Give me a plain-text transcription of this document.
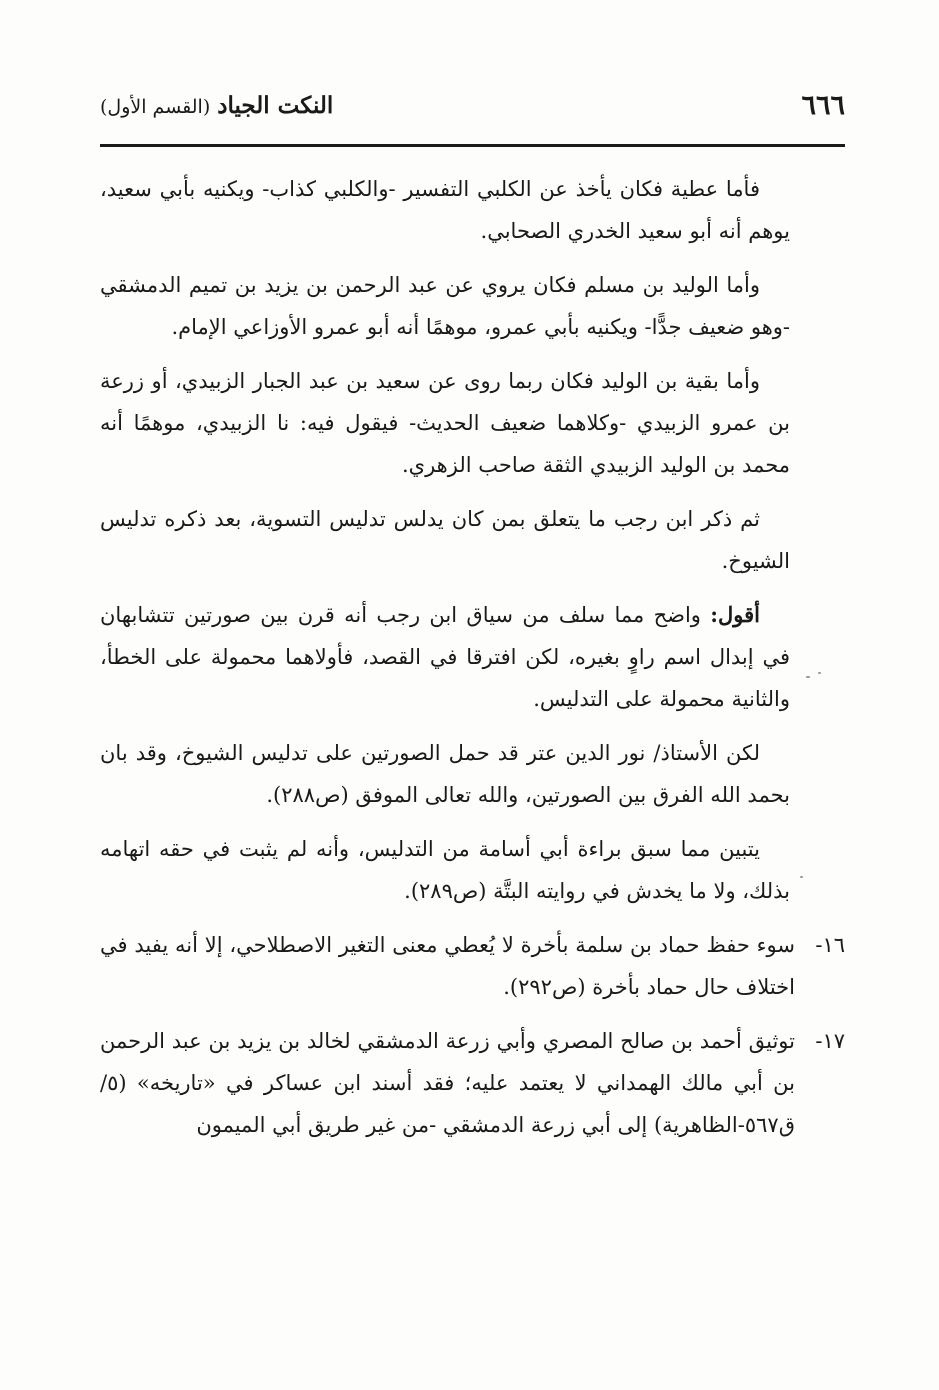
٦٦٦
النكت الجياد (القسم الأول)

فأما عطية فكان يأخذ عن الكلبي التفسير -والكلبي كذاب- ويكنيه بأبي سعيد، يوهم أنه أبو سعيد الخدري الصحابي.

وأما الوليد بن مسلم فكان يروي عن عبد الرحمن بن يزيد بن تميم الدمشقي -وهو ضعيف جدًّا- ويكنيه بأبي عمرو، موهمًا أنه أبو عمرو الأوزاعي الإمام.

وأما بقية بن الوليد فكان ربما روى عن سعيد بن عبد الجبار الزبيدي، أو زرعة بن عمرو الزبيدي -وكلاهما ضعيف الحديث- فيقول فيه: نا الزبيدي، موهمًا أنه محمد بن الوليد الزبيدي الثقة صاحب الزهري.

ثم ذكر ابن رجب ما يتعلق بمن كان يدلس تدليس التسوية، بعد ذكره تدليس الشيوخ.

أقول: واضح مما سلف من سياق ابن رجب أنه قرن بين صورتين تتشابهان في إبدال اسم راوٍ بغيره، لكن افترقا في القصد، فأولاهما محمولة على الخطأ، والثانية محمولة على التدليس.

لكن الأستاذ/ نور الدين عتر قد حمل الصورتين على تدليس الشيوخ، وقد بان بحمد الله الفرق بين الصورتين، والله تعالى الموفق (ص٢٨٨).

يتبين مما سبق براءة أبي أسامة من التدليس، وأنه لم يثبت في حقه اتهامه بذلك، ولا ما يخدش في روايته البتَّة (ص٢٨٩).

١٦-
سوء حفظ حماد بن سلمة بأخرة لا يُعطي معنى التغير الاصطلاحي، إلا أنه يفيد في اختلاف حال حماد بأخرة (ص٢٩٢).
١٧-
توثيق أحمد بن صالح المصري وأبي زرعة الدمشقي لخالد بن يزيد بن عبد الرحمن بن أبي مالك الهمداني لا يعتمد عليه؛ فقد أسند ابن عساكر في «تاريخه» (٥/ ق٥٦٧-الظاهرية) إلى أبي زرعة الدمشقي -من غير طريق أبي الميمون
